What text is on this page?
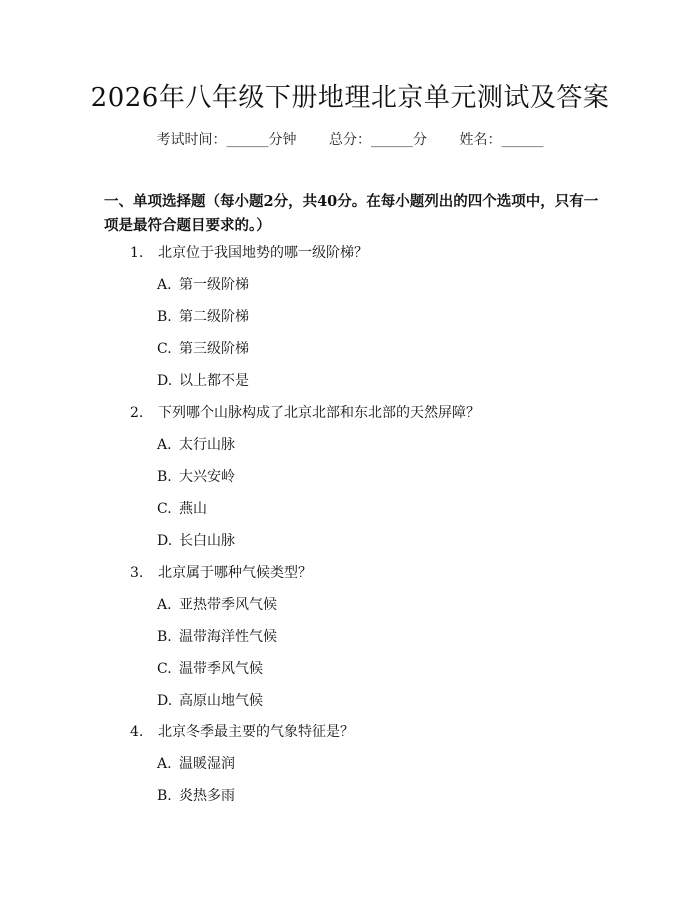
2026年八年级下册地理北京单元测试及答案
考试时间：______分钟 总分：______分 姓名：______
一、单项选择题（每小题2分，共40分。在每小题列出的四个选项中，只有一项是最符合题目要求的。）
1. 北京位于我国地势的哪一级阶梯？
A. 第一级阶梯
B. 第二级阶梯
C. 第三级阶梯
D. 以上都不是
2. 下列哪个山脉构成了北京北部和东北部的天然屏障？
A. 太行山脉
B. 大兴安岭
C. 燕山
D. 长白山脉
3. 北京属于哪种气候类型？
A. 亚热带季风气候
B. 温带海洋性气候
C. 温带季风气候
D. 高原山地气候
4. 北京冬季最主要的气象特征是？
A. 温暖湿润
B. 炎热多雨
